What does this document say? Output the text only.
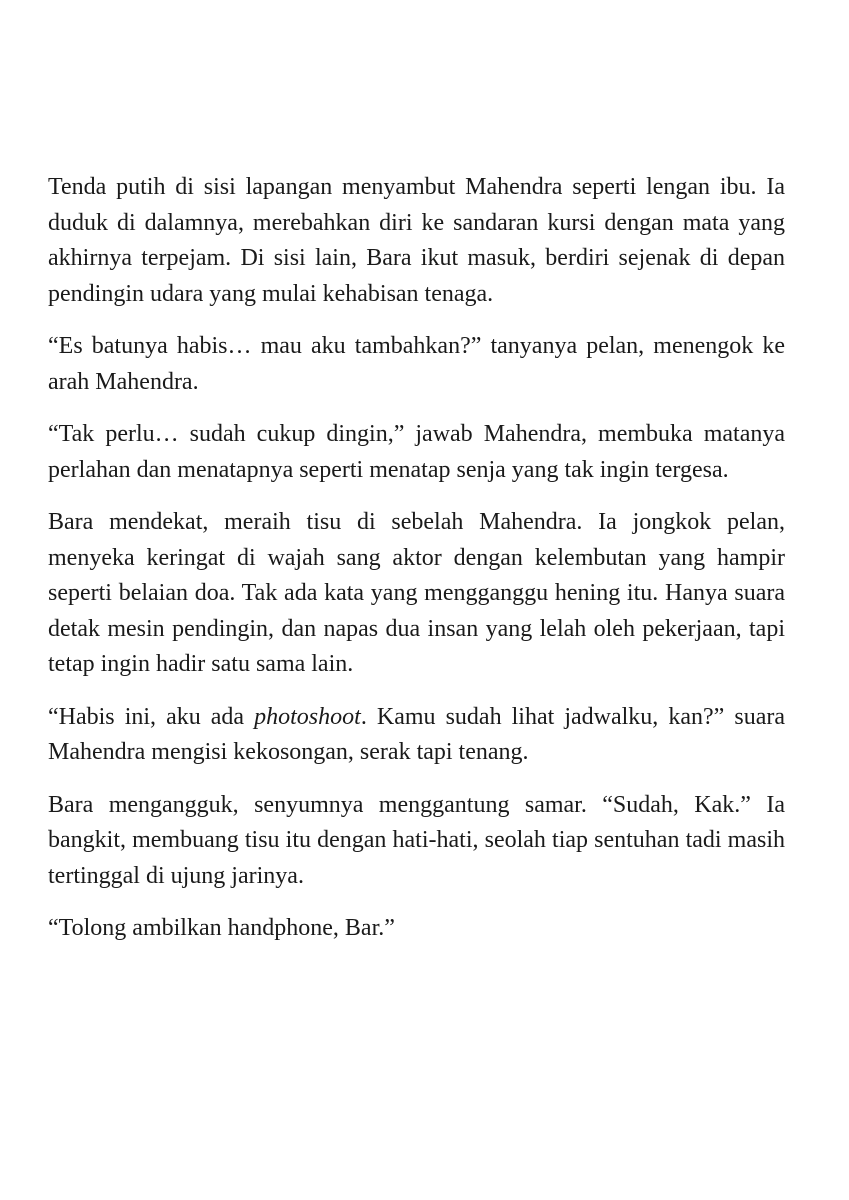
Tenda putih di sisi lapangan menyambut Mahendra seperti lengan ibu. Ia duduk di dalamnya, merebahkan diri ke sandaran kursi dengan mata yang akhirnya terpejam. Di sisi lain, Bara ikut masuk, berdiri sejenak di depan pendingin udara yang mulai kehabisan tenaga.

“Es batunya habis… mau aku tambahkan?” tanyanya pelan, menengok ke arah Mahendra.

“Tak perlu… sudah cukup dingin,” jawab Mahendra, membuka matanya perlahan dan menatapnya seperti menatap senja yang tak ingin tergesa.

Bara mendekat, meraih tisu di sebelah Mahendra. Ia jongkok pelan, menyeka keringat di wajah sang aktor dengan kelembutan yang hampir seperti belaian doa. Tak ada kata yang mengganggu hening itu. Hanya suara detak mesin pendingin, dan napas dua insan yang lelah oleh pekerjaan, tapi tetap ingin hadir satu sama lain.

“Habis ini, aku ada photoshoot. Kamu sudah lihat jadwalku, kan?” suara Mahendra mengisi kekosongan, serak tapi tenang.

Bara mengangguk, senyumnya menggantung samar. “Sudah, Kak.” Ia bangkit, membuang tisu itu dengan hati-hati, seolah tiap sentuhan tadi masih tertinggal di ujung jarinya.

“Tolong ambilkan handphone, Bar.”
